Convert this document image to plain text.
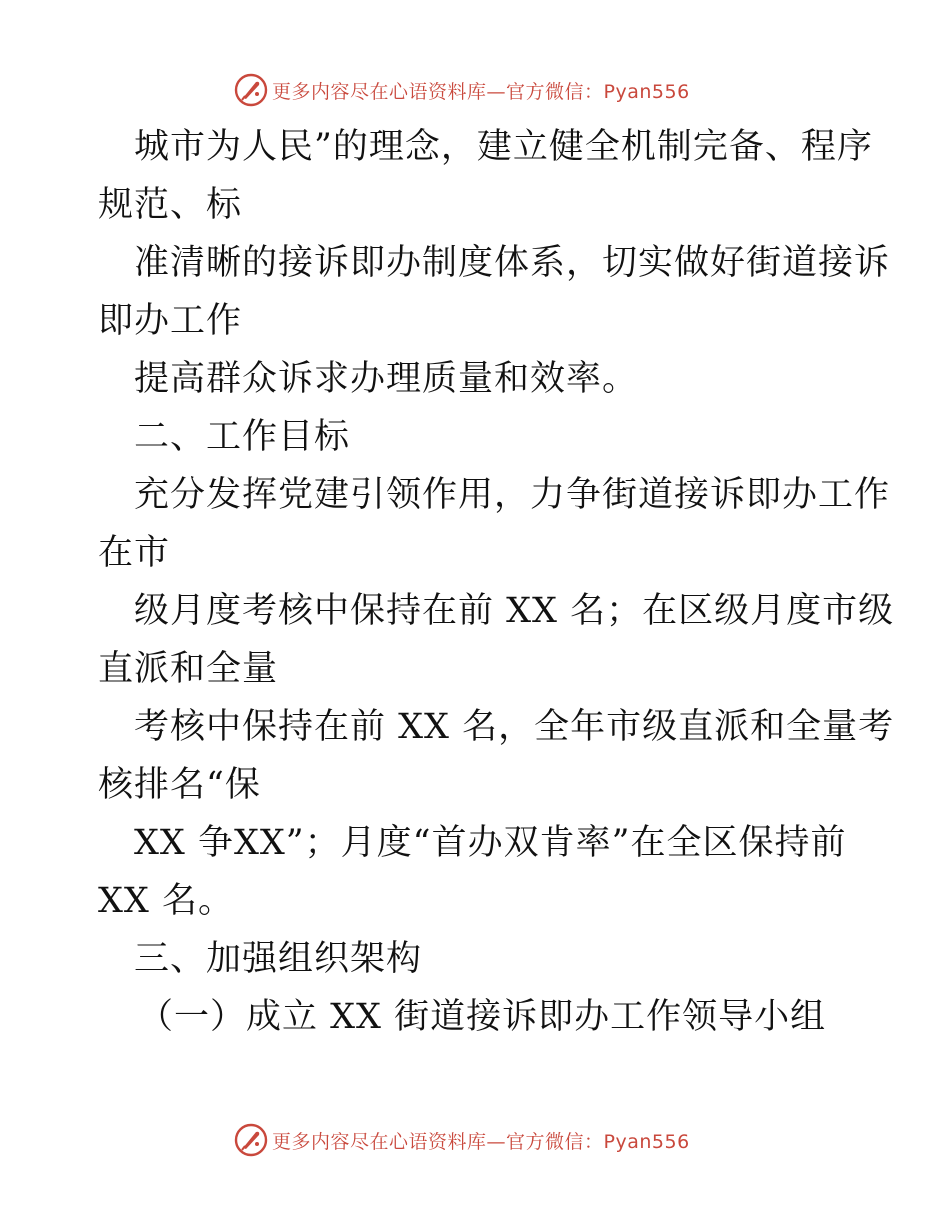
更多内容尽在心语资料库—官方微信：Pyan556
城市为人民”的理念，建立健全机制完备、程序
规范、标
准清晰的接诉即办制度体系，切实做好街道接诉
即办工作
提高群众诉求办理质量和效率。
二、工作目标
充分发挥党建引领作用，力争街道接诉即办工作
在市
级月度考核中保持在前 XX 名；在区级月度市级
直派和全量
考核中保持在前 XX 名，全年市级直派和全量考
核排名“保
XX 争XX”；月度“首办双肯率”在全区保持前
XX 名。
三、加强组织架构
（一）成立 XX 街道接诉即办工作领导小组
更多内容尽在心语资料库—官方微信：Pyan556
